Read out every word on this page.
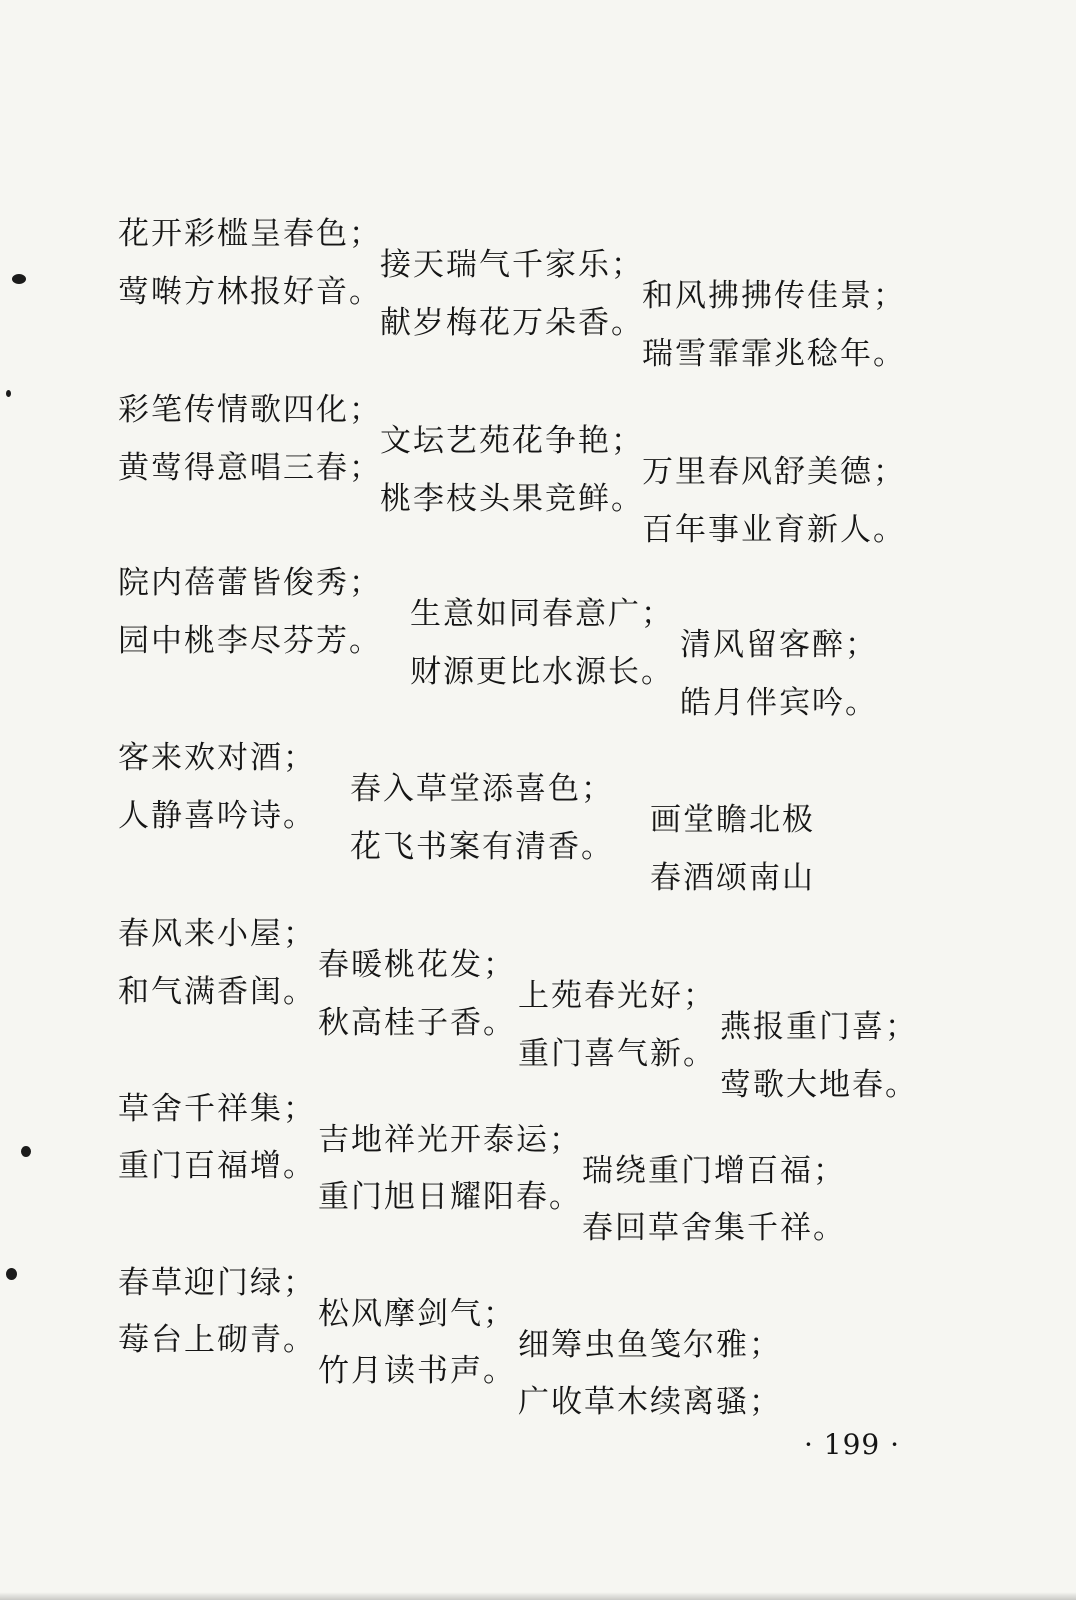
花开彩槛呈春色；

接天瑞气千家乐；

和风拂拂传佳景；

莺啭方林报好音。

献岁梅花万朵香。

瑞雪霏霏兆稔年。

彩笔传情歌四化；

文坛艺苑花争艳；

万里春风舒美德；

黄莺得意唱三春；

桃李枝头果竞鲜。

百年事业育新人。

院内蓓蕾皆俊秀；

生意如同春意广；

清风留客醉；

园中桃李尽芬芳。

财源更比水源长。

皓月伴宾吟。

客来欢对酒；

春入草堂添喜色；

画堂瞻北极

人静喜吟诗。

花飞书案有清香。

春酒颂南山

春风来小屋；

春暖桃花发；

上苑春光好；

燕报重门喜；

和气满香闺。

秋高桂子香。

重门喜气新。

莺歌大地春。

草舍千祥集；

吉地祥光开泰运；

瑞绕重门增百福；

重门百福增。

重门旭日耀阳春。

春回草舍集千祥。

春草迎门绿；

松风摩剑气；

细筹虫鱼笺尔雅；

莓台上砌青。

竹月读书声。

广收草木续离骚；

· 199 ·
